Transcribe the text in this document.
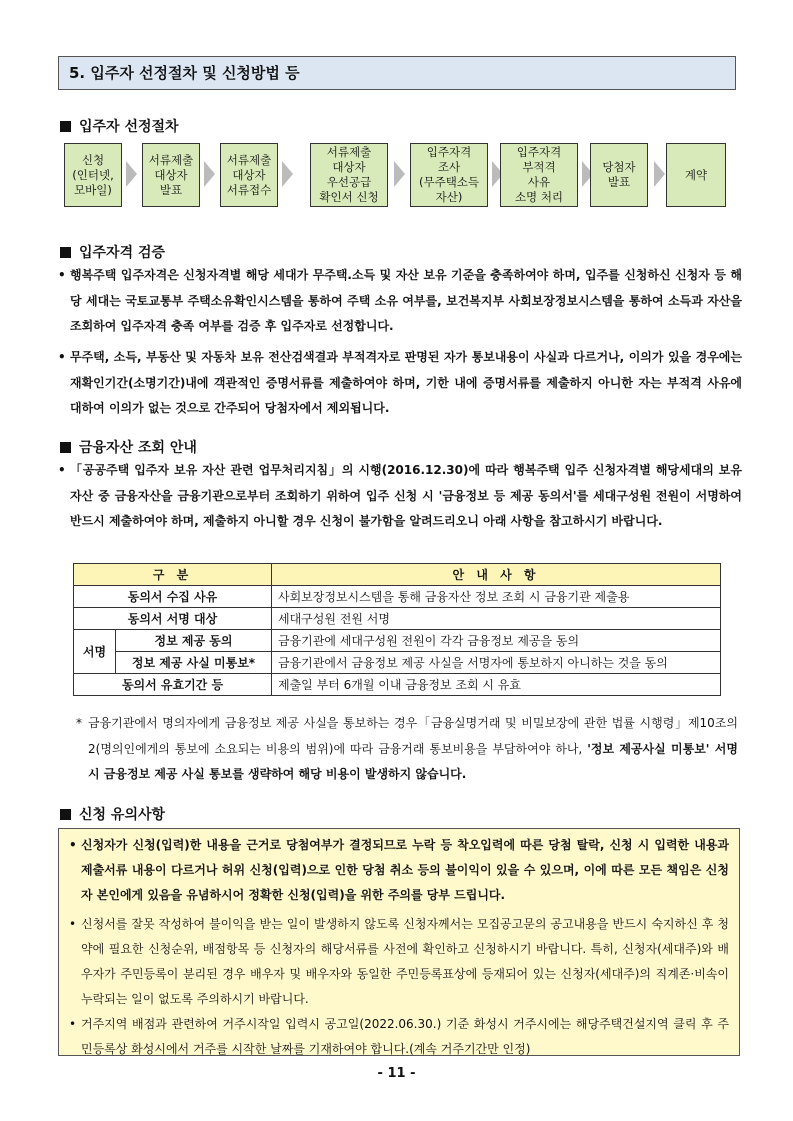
5. 입주자 선정절차 및 신청방법 등
입주자 선정절차
신청
(인터넷,
모바일)
서류제출
대상자
발표
서류제출
대상자
서류접수
서류제출
대상자
우선공급
확인서 신청
입주자격
조사
(무주택소득
자산)
입주자격
부적격
사유
소명 처리
당첨자
발표
계약
입주자격 검증
• 행복주택 입주자격은 신청자격별 해당 세대가 무주택.소득 및 자산 보유 기준을 충족하여야 하며, 입주를 신청하신 신청자 등 해당 세대는 국토교통부 주택소유확인시스템을 통하여 주택 소유 여부를, 보건복지부 사회보장정보시스템을 통하여 소득과 자산을 조회하여 입주자격 충족 여부를 검증 후 입주자로 선정합니다.
• 무주택, 소득, 부동산 및 자동차 보유 전산검색결과 부적격자로 판명된 자가 통보내용이 사실과 다르거나, 이의가 있을 경우에는 재확인기간(소명기간)내에 객관적인 증명서류를 제출하여야 하며, 기한 내에 증명서류를 제출하지 아니한 자는 부적격 사유에 대하여 이의가 없는 것으로 간주되어 당첨자에서 제외됩니다.
금융자산 조회 안내
• 「공공주택 입주자 보유 자산 관련 업무처리지침」의 시행(2016.12.30)에 따라 행복주택 입주 신청자격별 해당세대의 보유 자산 중 금융자산을 금융기관으로부터 조회하기 위하여 입주 신청 시 '금융정보 등 제공 동의서'를 세대구성원 전원이 서명하여 반드시 제출하여야 하며, 제출하지 아니할 경우 신청이 불가함을 알려드리오니 아래 사항을 참고하시기 바랍니다.
구 분		안 내 사 항
동의서 수집 사유		사회보장정보시스템을 통해 금융자산 정보 조회 시 금융기관 제출용
동의서 서명 대상		세대구성원 전원 서명
서명	정보 제공 동의	금융기관에 세대구성원 전원이 각각 금융정보 제공을 동의
	정보 제공 사실 미통보*	금융기관에서 금융정보 제공 사실을 서명자에 통보하지 아니하는 것을 동의
동의서 유효기간 등		제출일 부터 6개월 이내 금융정보 조회 시 유효
* 금융기관에서 명의자에게 금융정보 제공 사실을 통보하는 경우「금융실명거래 및 비밀보장에 관한 법률 시행령」제10조의2(명의인에게의 통보에 소요되는 비용의 범위)에 따라 금융거래 통보비용을 부담하여야 하나, '정보 제공사실 미통보' 서명 시 금융정보 제공 사실 통보를 생략하여 해당 비용이 발생하지 않습니다.
신청 유의사항
• 신청자가 신청(입력)한 내용을 근거로 당첨여부가 결정되므로 누락 등 착오입력에 따른 당첨 탈락, 신청 시 입력한 내용과 제출서류 내용이 다르거나 허위 신청(입력)으로 인한 당첨 취소 등의 불이익이 있을 수 있으며, 이에 따른 모든 책임은 신청자 본인에게 있음을 유념하시어 정확한 신청(입력)을 위한 주의를 당부 드립니다.
• 신청서를 잘못 작성하여 불이익을 받는 일이 발생하지 않도록 신청자께서는 모집공고문의 공고내용을 반드시 숙지하신 후 청약에 필요한 신청순위, 배점항목 등 신청자의 해당서류를 사전에 확인하고 신청하시기 바랍니다. 특히, 신청자(세대주)와 배우자가 주민등록이 분리된 경우 배우자 및 배우자와 동일한 주민등록표상에 등재되어 있는 신청자(세대주)의 직계존·비속이 누락되는 일이 없도록 주의하시기 바랍니다.
• 거주지역 배점과 관련하여 거주시작일 입력시 공고일(2022.06.30.) 기준 화성시 거주시에는 해당주택건설지역 클릭 후 주민등록상 화성시에서 거주를 시작한 날짜를 기재하여야 합니다.(계속 거주기간만 인정)
- 11 -
